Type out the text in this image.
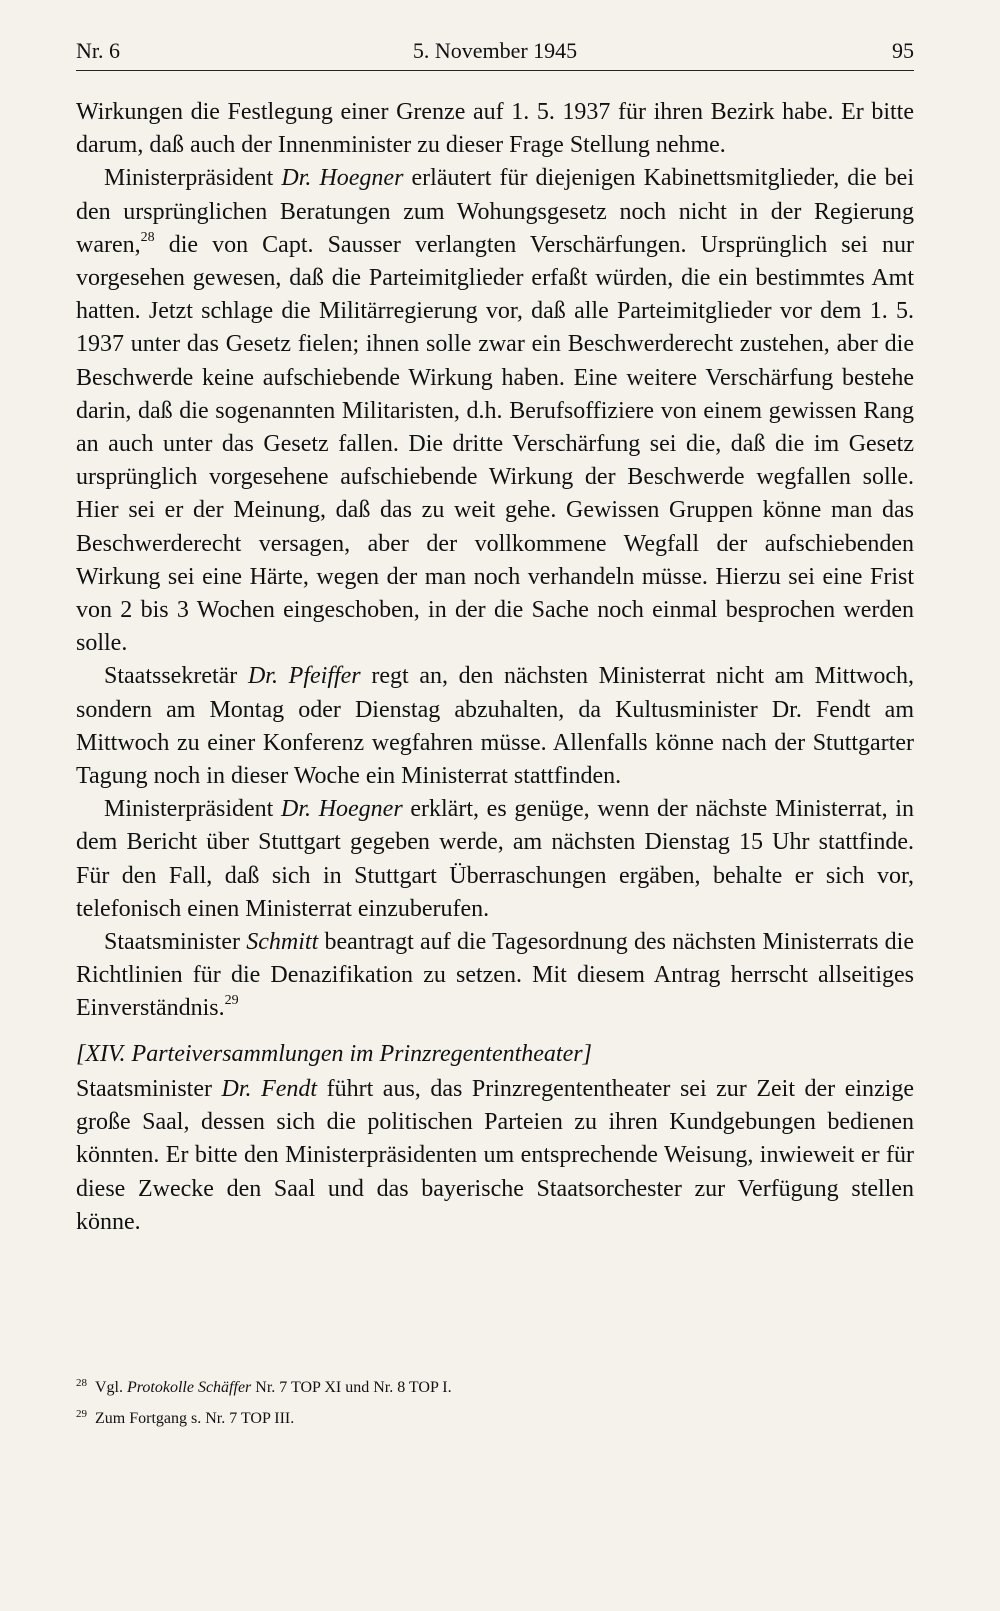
5. November 1945
Nr. 6	95

Wirkungen die Festlegung einer Grenze auf 1. 5. 1937 für ihren Bezirk habe. Er bitte darum, daß auch der Innenminister zu dieser Frage Stellung nehme.

Ministerpräsident Dr. Hoegner erläutert für diejenigen Kabinettsmitglieder, die bei den ursprünglichen Beratungen zum Wohungsgesetz noch nicht in der Regierung waren,$^{28}$ die von Capt. Sausser verlangten Verschärfungen. Ursprünglich sei nur vorgesehen gewesen, daß die Parteimitglieder erfaßt würden, die ein bestimmtes Amt hatten. Jetzt schlage die Militärregierung vor, daß alle Parteimitglieder vor dem 1. 5. 1937 unter das Gesetz fielen; ihnen solle zwar ein Beschwerderecht zustehen, aber die Beschwerde keine aufschiebende Wirkung haben. Eine weitere Verschärfung bestehe darin, daß die sogenannten Militaristen, d.h. Berufsoffiziere von einem gewissen Rang an auch unter das Gesetz fallen. Die dritte Verschärfung sei die, daß die im Gesetz ursprünglich vorgesehene aufschiebende Wirkung der Beschwerde wegfallen solle. Hier sei er der Meinung, daß das zu weit gehe. Gewissen Gruppen könne man das Beschwerderecht versagen, aber der vollkommene Wegfall der aufschiebenden Wirkung sei eine Härte, wegen der man noch verhandeln müsse. Hierzu sei eine Frist von 2 bis 3 Wochen eingeschoben, in der die Sache noch einmal besprochen werden solle.

Staatssekretär Dr. Pfeiffer regt an, den nächsten Ministerrat nicht am Mittwoch, sondern am Montag oder Dienstag abzuhalten, da Kultusminister Dr. Fendt am Mittwoch zu einer Konferenz wegfahren müsse. Allenfalls könne nach der Stuttgarter Tagung noch in dieser Woche ein Ministerrat stattfinden.

Ministerpräsident Dr. Hoegner erklärt, es genüge, wenn der nächste Ministerrat, in dem Bericht über Stuttgart gegeben werde, am nächsten Dienstag 15 Uhr stattfinde. Für den Fall, daß sich in Stuttgart Überraschungen ergäben, behalte er sich vor, telefonisch einen Ministerrat einzuberufen.

Staatsminister Schmitt beantragt auf die Tagesordnung des nächsten Ministerrats die Richtlinien für die Denazifikation zu setzen. Mit diesem Antrag herrscht allseitiges Einverständnis.$^{29}$

[XIV. Parteiversammlungen im Prinzregententheater]

Staatsminister Dr. Fendt führt aus, das Prinzregententheater sei zur Zeit der einzige große Saal, dessen sich die politischen Parteien zu ihren Kundgebungen bedienen könnten. Er bitte den Ministerpräsidenten um entsprechende Weisung, inwieweit er für diese Zwecke den Saal und das bayerische Staatsorchester zur Verfügung stellen könne.

$^{28}$ Vgl. Protokolle Schäffer Nr. 7 TOP XI und Nr. 8 TOP I.

$^{29}$ Zum Fortgang s. Nr. 7 TOP III.
